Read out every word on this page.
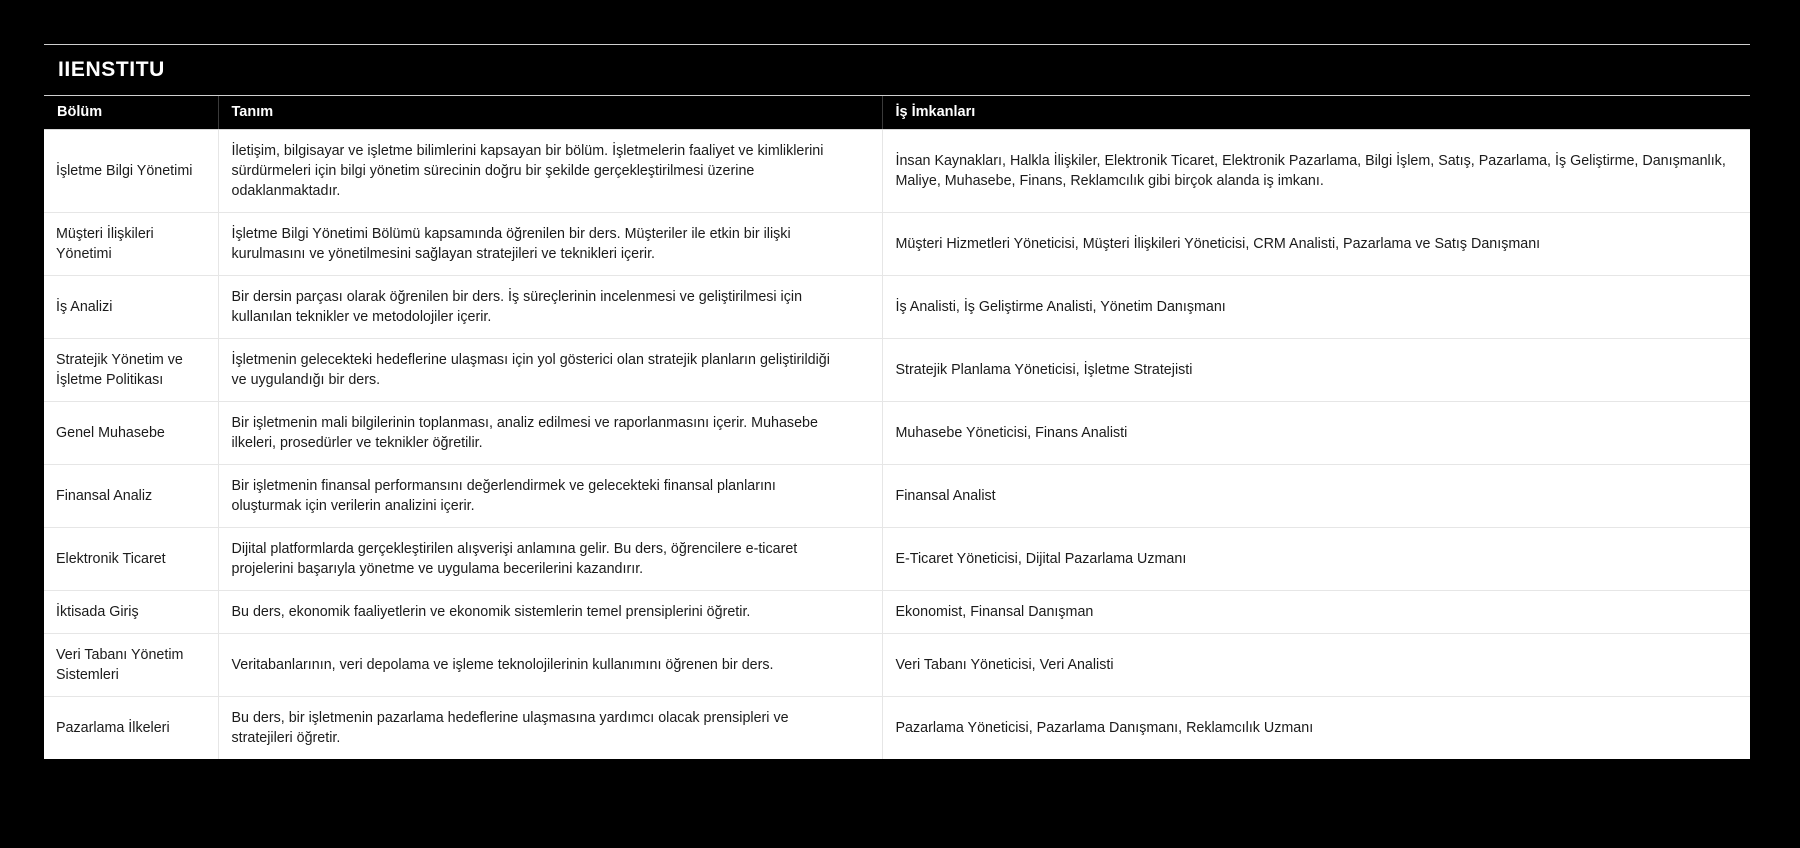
IIENSTITU
Bölüm	Tanım	İş İmkanları
İşletme Bilgi Yönetimi	İletişim, bilgisayar ve işletme bilimlerini kapsayan bir bölüm. İşletmelerin faaliyet ve kimliklerini sürdürmeleri için bilgi yönetim sürecinin doğru bir şekilde gerçekleştirilmesi üzerine odaklanmaktadır.	İnsan Kaynakları, Halkla İlişkiler, Elektronik Ticaret, Elektronik Pazarlama, Bilgi İşlem, Satış, Pazarlama, İş Geliştirme, Danışmanlık, Maliye, Muhasebe, Finans, Reklamcılık gibi birçok alanda iş imkanı.
Müşteri İlişkileri Yönetimi	İşletme Bilgi Yönetimi Bölümü kapsamında öğrenilen bir ders. Müşteriler ile etkin bir ilişki kurulmasını ve yönetilmesini sağlayan stratejileri ve teknikleri içerir.	Müşteri Hizmetleri Yöneticisi, Müşteri İlişkileri Yöneticisi, CRM Analisti, Pazarlama ve Satış Danışmanı
İş Analizi	Bir dersin parçası olarak öğrenilen bir ders. İş süreçlerinin incelenmesi ve geliştirilmesi için kullanılan teknikler ve metodolojiler içerir.	İş Analisti, İş Geliştirme Analisti, Yönetim Danışmanı
Stratejik Yönetim ve İşletme Politikası	İşletmenin gelecekteki hedeflerine ulaşması için yol gösterici olan stratejik planların geliştirildiği ve uygulandığı bir ders.	Stratejik Planlama Yöneticisi, İşletme Stratejisti
Genel Muhasebe	Bir işletmenin mali bilgilerinin toplanması, analiz edilmesi ve raporlanmasını içerir. Muhasebe ilkeleri, prosedürler ve teknikler öğretilir.	Muhasebe Yöneticisi, Finans Analisti
Finansal Analiz	Bir işletmenin finansal performansını değerlendirmek ve gelecekteki finansal planlarını oluşturmak için verilerin analizini içerir.	Finansal Analist
Elektronik Ticaret	Dijital platformlarda gerçekleştirilen alışverişi anlamına gelir. Bu ders, öğrencilere e-ticaret projelerini başarıyla yönetme ve uygulama becerilerini kazandırır.	E-Ticaret Yöneticisi, Dijital Pazarlama Uzmanı
İktisada Giriş	Bu ders, ekonomik faaliyetlerin ve ekonomik sistemlerin temel prensiplerini öğretir.	Ekonomist, Finansal Danışman
Veri Tabanı Yönetim Sistemleri	Veritabanlarının, veri depolama ve işleme teknolojilerinin kullanımını öğrenen bir ders.	Veri Tabanı Yöneticisi, Veri Analisti
Pazarlama İlkeleri	Bu ders, bir işletmenin pazarlama hedeflerine ulaşmasına yardımcı olacak prensipleri ve stratejileri öğretir.	Pazarlama Yöneticisi, Pazarlama Danışmanı, Reklamcılık Uzmanı
